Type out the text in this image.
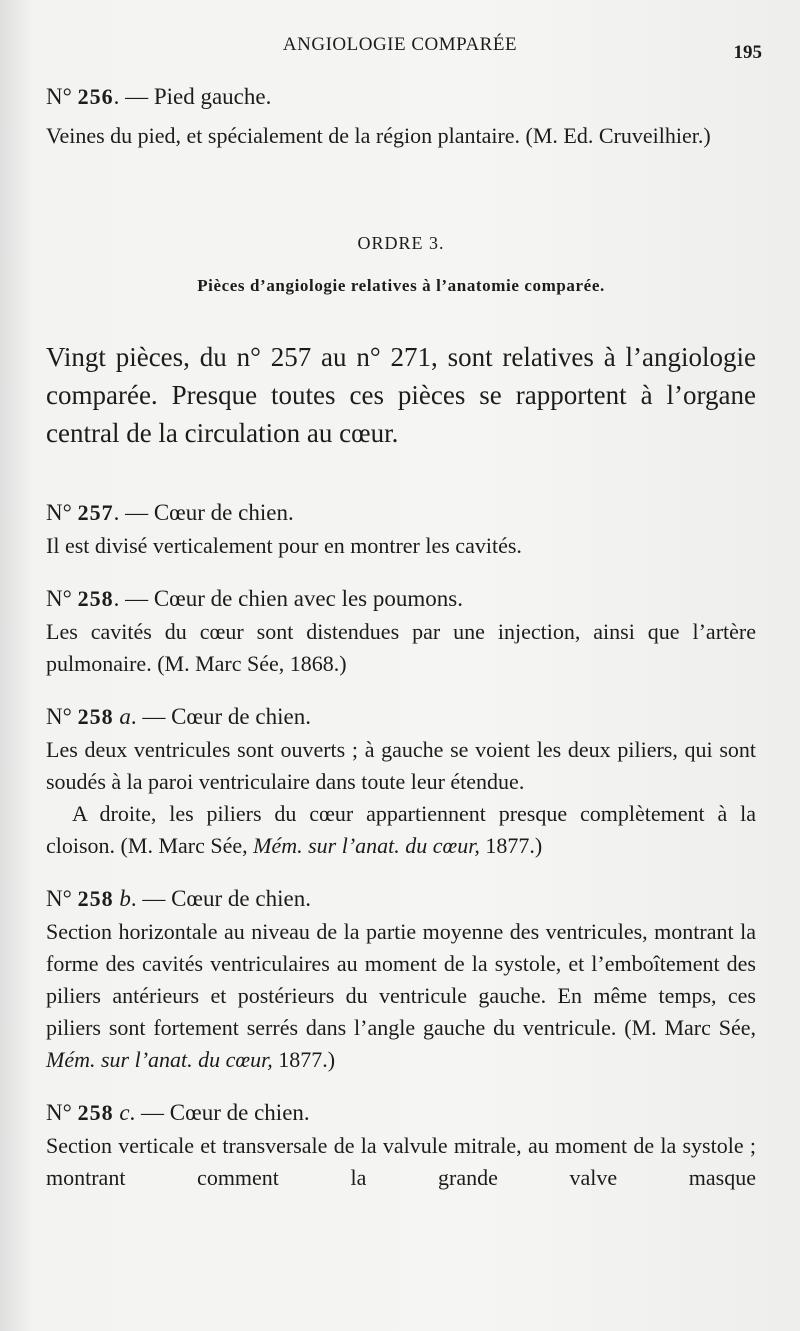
ANGIOLOGIE COMPARÉE	195
N° 256. — Pied gauche.

Veines du pied, et spécialement de la région plantaire. (M. Ed. Cruveilhier.)

ORDRE 3.
Pièces d’angiologie relatives à l’anatomie comparée.

Vingt pièces, du n° 257 au n° 271, sont relatives à l’angiologie comparée. Presque toutes ces pièces se rapportent à l’organe central de la circulation au cœur.

N° 257. — Cœur de chien.

Il est divisé verticalement pour en montrer les cavités.

N° 258. — Cœur de chien avec les poumons.

Les cavités du cœur sont distendues par une injection, ainsi que l’artère pulmonaire. (M. Marc Sée, 1868.)

N° 258 a. — Cœur de chien.

Les deux ventricules sont ouverts ; à gauche se voient les deux piliers, qui sont soudés à la paroi ventriculaire dans toute leur étendue.

A droite, les piliers du cœur appartiennent presque complètement à la cloison. (M. Marc Sée, Mém. sur l’anat. du cœur, 1877.)

N° 258 b. — Cœur de chien.

Section horizontale au niveau de la partie moyenne des ventricules, montrant la forme des cavités ventriculaires au moment de la systole, et l’emboîtement des piliers antérieurs et postérieurs du ventricule gauche. En même temps, ces piliers sont fortement serrés dans l’angle gauche du ventricule. (M. Marc Sée, Mém. sur l’anat. du cœur, 1877.)

N° 258 c. — Cœur de chien.

Section verticale et transversale de la valvule mitrale, au moment de la systole ; montrant comment la grande valve masque
